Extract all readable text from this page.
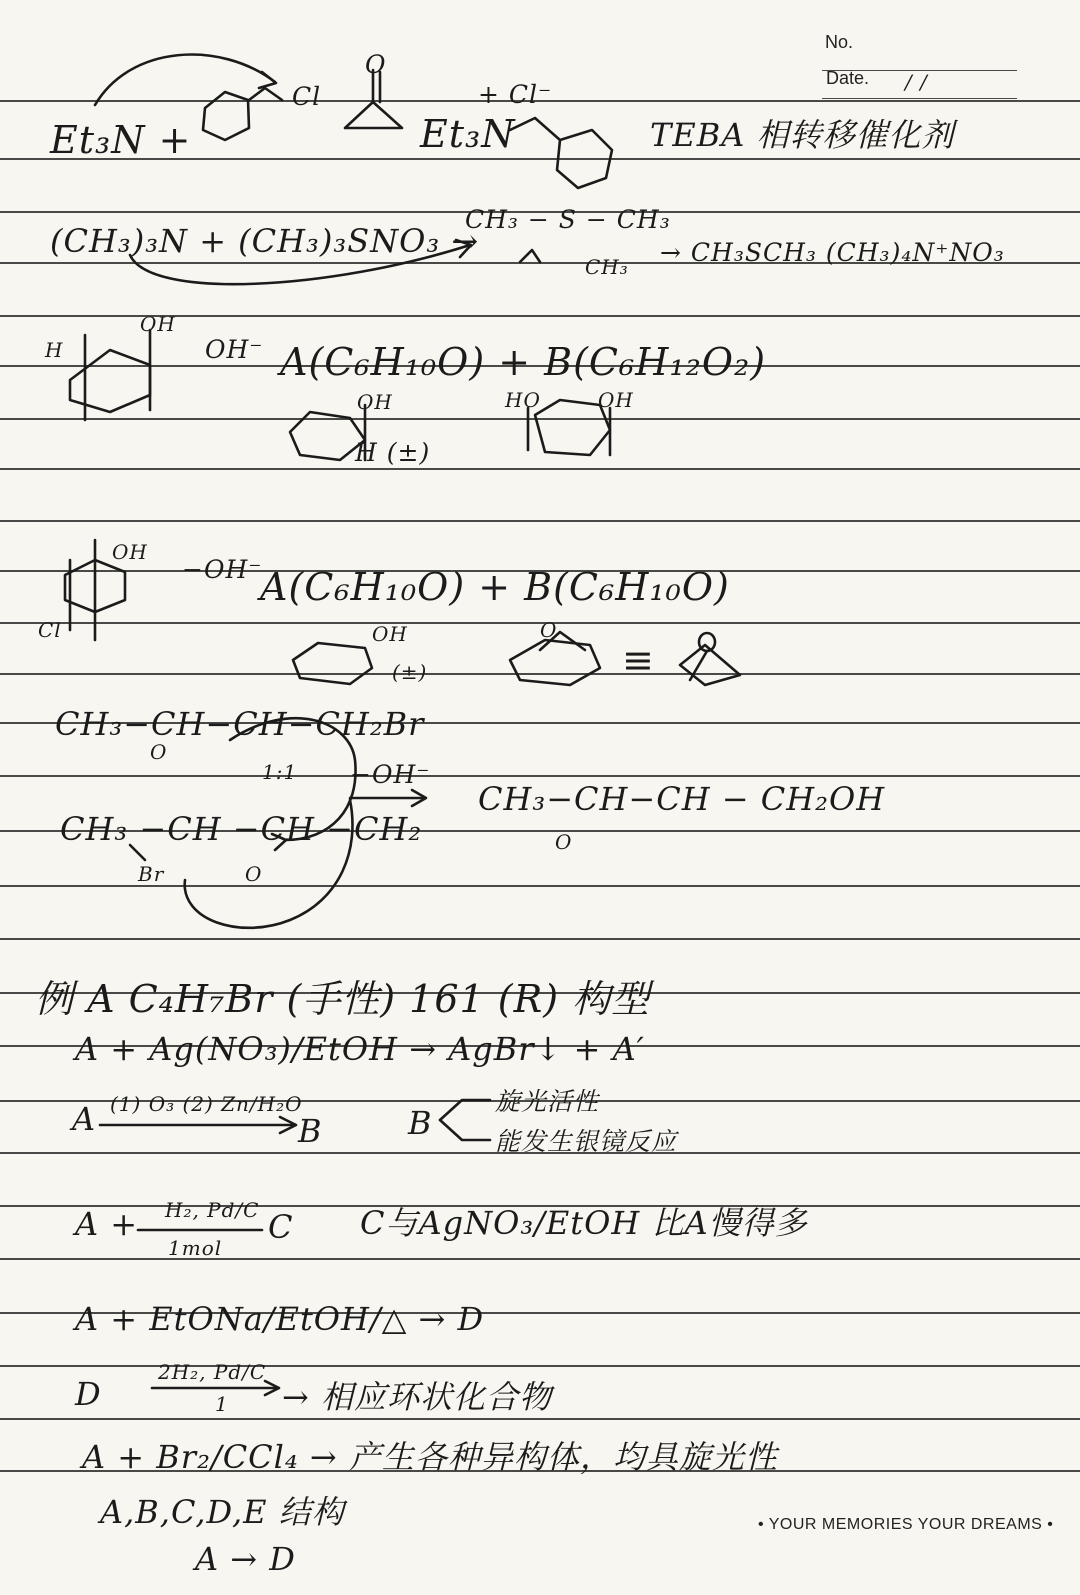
No.
Date. / /
Et₃N +
Cl
O
Et₃N
+ Cl⁻
TEBA 相转移催化剂
(CH₃)₃N + (CH₃)₃SNO₃ →
CH₃ − S − CH₃
CH₃ → CH₃SCH₃ (CH₃)₄N⁺NO₃
H
OH
OH⁻ A(C₆H₁₀O) + B(C₆H₁₂O₂)
OH
H (±)
HO	OH
OH
Cl
−OH⁻
A(C₆H₁₀O) + B(C₆H₁₀O)
OH
(±)
O
≡
CH₃−CH−CH−CH₂Br
O
1:1 −OH⁻
CH₃−CH−CH − CH₂OH
O
CH₃ −CH −CH −CH₂
Br	O
例 A C₄H₇Br (手性) 161 (R) 构型
A + Ag(NO₃)/EtOH → AgBr↓ + A′
A (1) O₃ (2) Zn/H₂O
B	B
旋光活性
能发生银镜反应
A + H₂, Pd/C
1mol
C C与AgNO₃/EtOH 比A慢得多
A + EtONa/EtOH/△ → D
D
2H₂, Pd/C
1 → 相应环状化合物
A + Br₂/CCl₄ → 产生各种异构体，均具旋光性
A,B,C,D,E 结构
A → D
• YOUR MEMORIES YOUR DREAMS •
